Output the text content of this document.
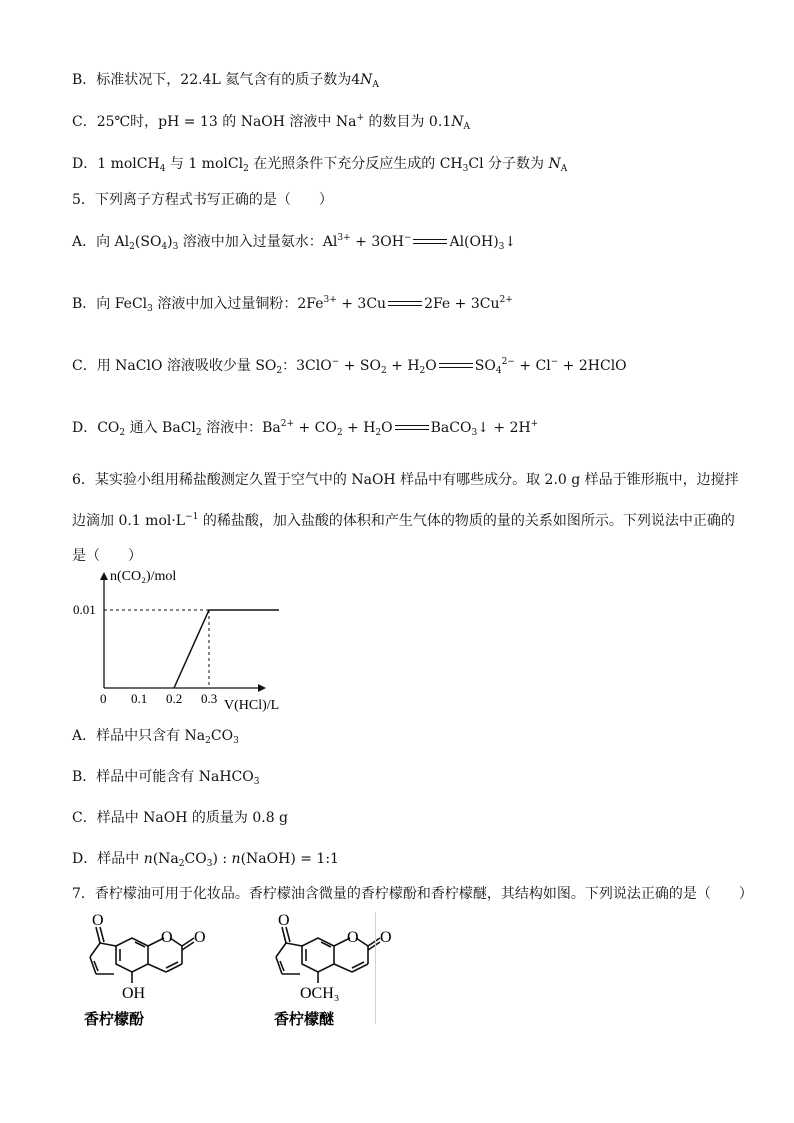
B．标准状况下，22.4L 氦气含有的质子数为$4N_A$
C．25℃时，pH = 13 的 NaOH 溶液中 Na+ 的数目为 $0.1N_A$
D．1 molCH$_4$ 与 1 molCl$_2$ 在光照条件下充分反应生成的 $CH_3Cl$ 分子数为 $N_A$
5．下列离子方程式书写正确的是（　　）
A．向 $Al_2(SO_4)_3$ 溶液中加入过量氨水：$Al^{3+} + 3OH^-$	$Al(OH)_3↓$
B．向 FeCl$_3$ 溶液中加入过量铜粉：$2Fe^{3+} + 3Cu$	$2Fe + 3Cu^{2+}$
C．用 NaClO 溶液吸收少量 $SO_2$：$3ClO^- + SO_2 + H_2O$	$SO_4^{2-} + Cl^-$ + 2HClO
D．$CO_2$ 通入 BaCl$_2$ 溶液中：$Ba^{2+} + CO_2 + H_2O$	BaCO$_3$↓ + 2H+
6．某实验小组用稀盐酸测定久置于空气中的 NaOH 样品中有哪些成分。取 2.0 g 样品于锥形瓶中，边搅拌
边滴加 0.1 $mol\cdot L^{-1}$ 的稀盐酸，加入盐酸的体积和产生气体的物质的量的关系如图所示。下列说法中正确的
是（　　）
n(CO₂)/mol
V(HCl)/L
0 0.1 0.2 0.3
0.01
A．样品中只含有 $Na_2CO_3$
B．样品中可能含有 NaHCO$_3$
C．样品中 NaOH 的质量为 0.8 g
D．样品中 $n(Na_2CO_3)$ : n(NaOH) = 1:1
7．香柠檬油可用于化妆品。香柠檬油含微量的香柠檬酚和香柠檬醚，其结构如图。下列说法正确的是（　　）
O
O O
OH
香柠檬酚
O
O O
OCH₃
香柠檬醚
